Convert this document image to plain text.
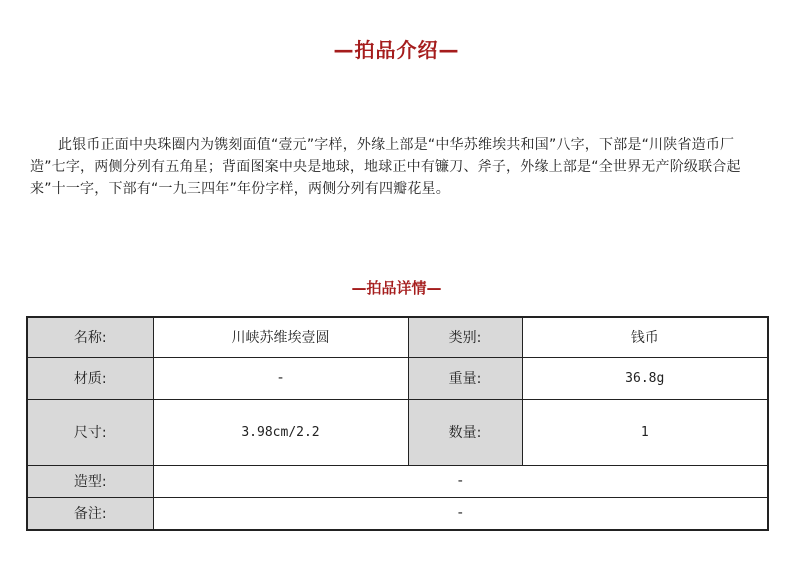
—拍品介绍—

此银币正面中央珠圈内为镌刻面值“壹元”字样，外缘上部是“中华苏维埃共和国”八字，下部是“川陕省造币厂造”七字，两侧分列有五角星；背面图案中央是地球，地球正中有镰刀、斧子，外缘上部是“全世界无产阶级联合起来”十一字，下部有“一九三四年”年份字样，两侧分列有四瓣花星。

—拍品详情—
名称:	川峡苏维埃壹圆	类别:	钱币
材质:	-	重量:	36.8g
尺寸:	3.98cm/2.2	数量:	1
造型:	-		
备注:	-		
